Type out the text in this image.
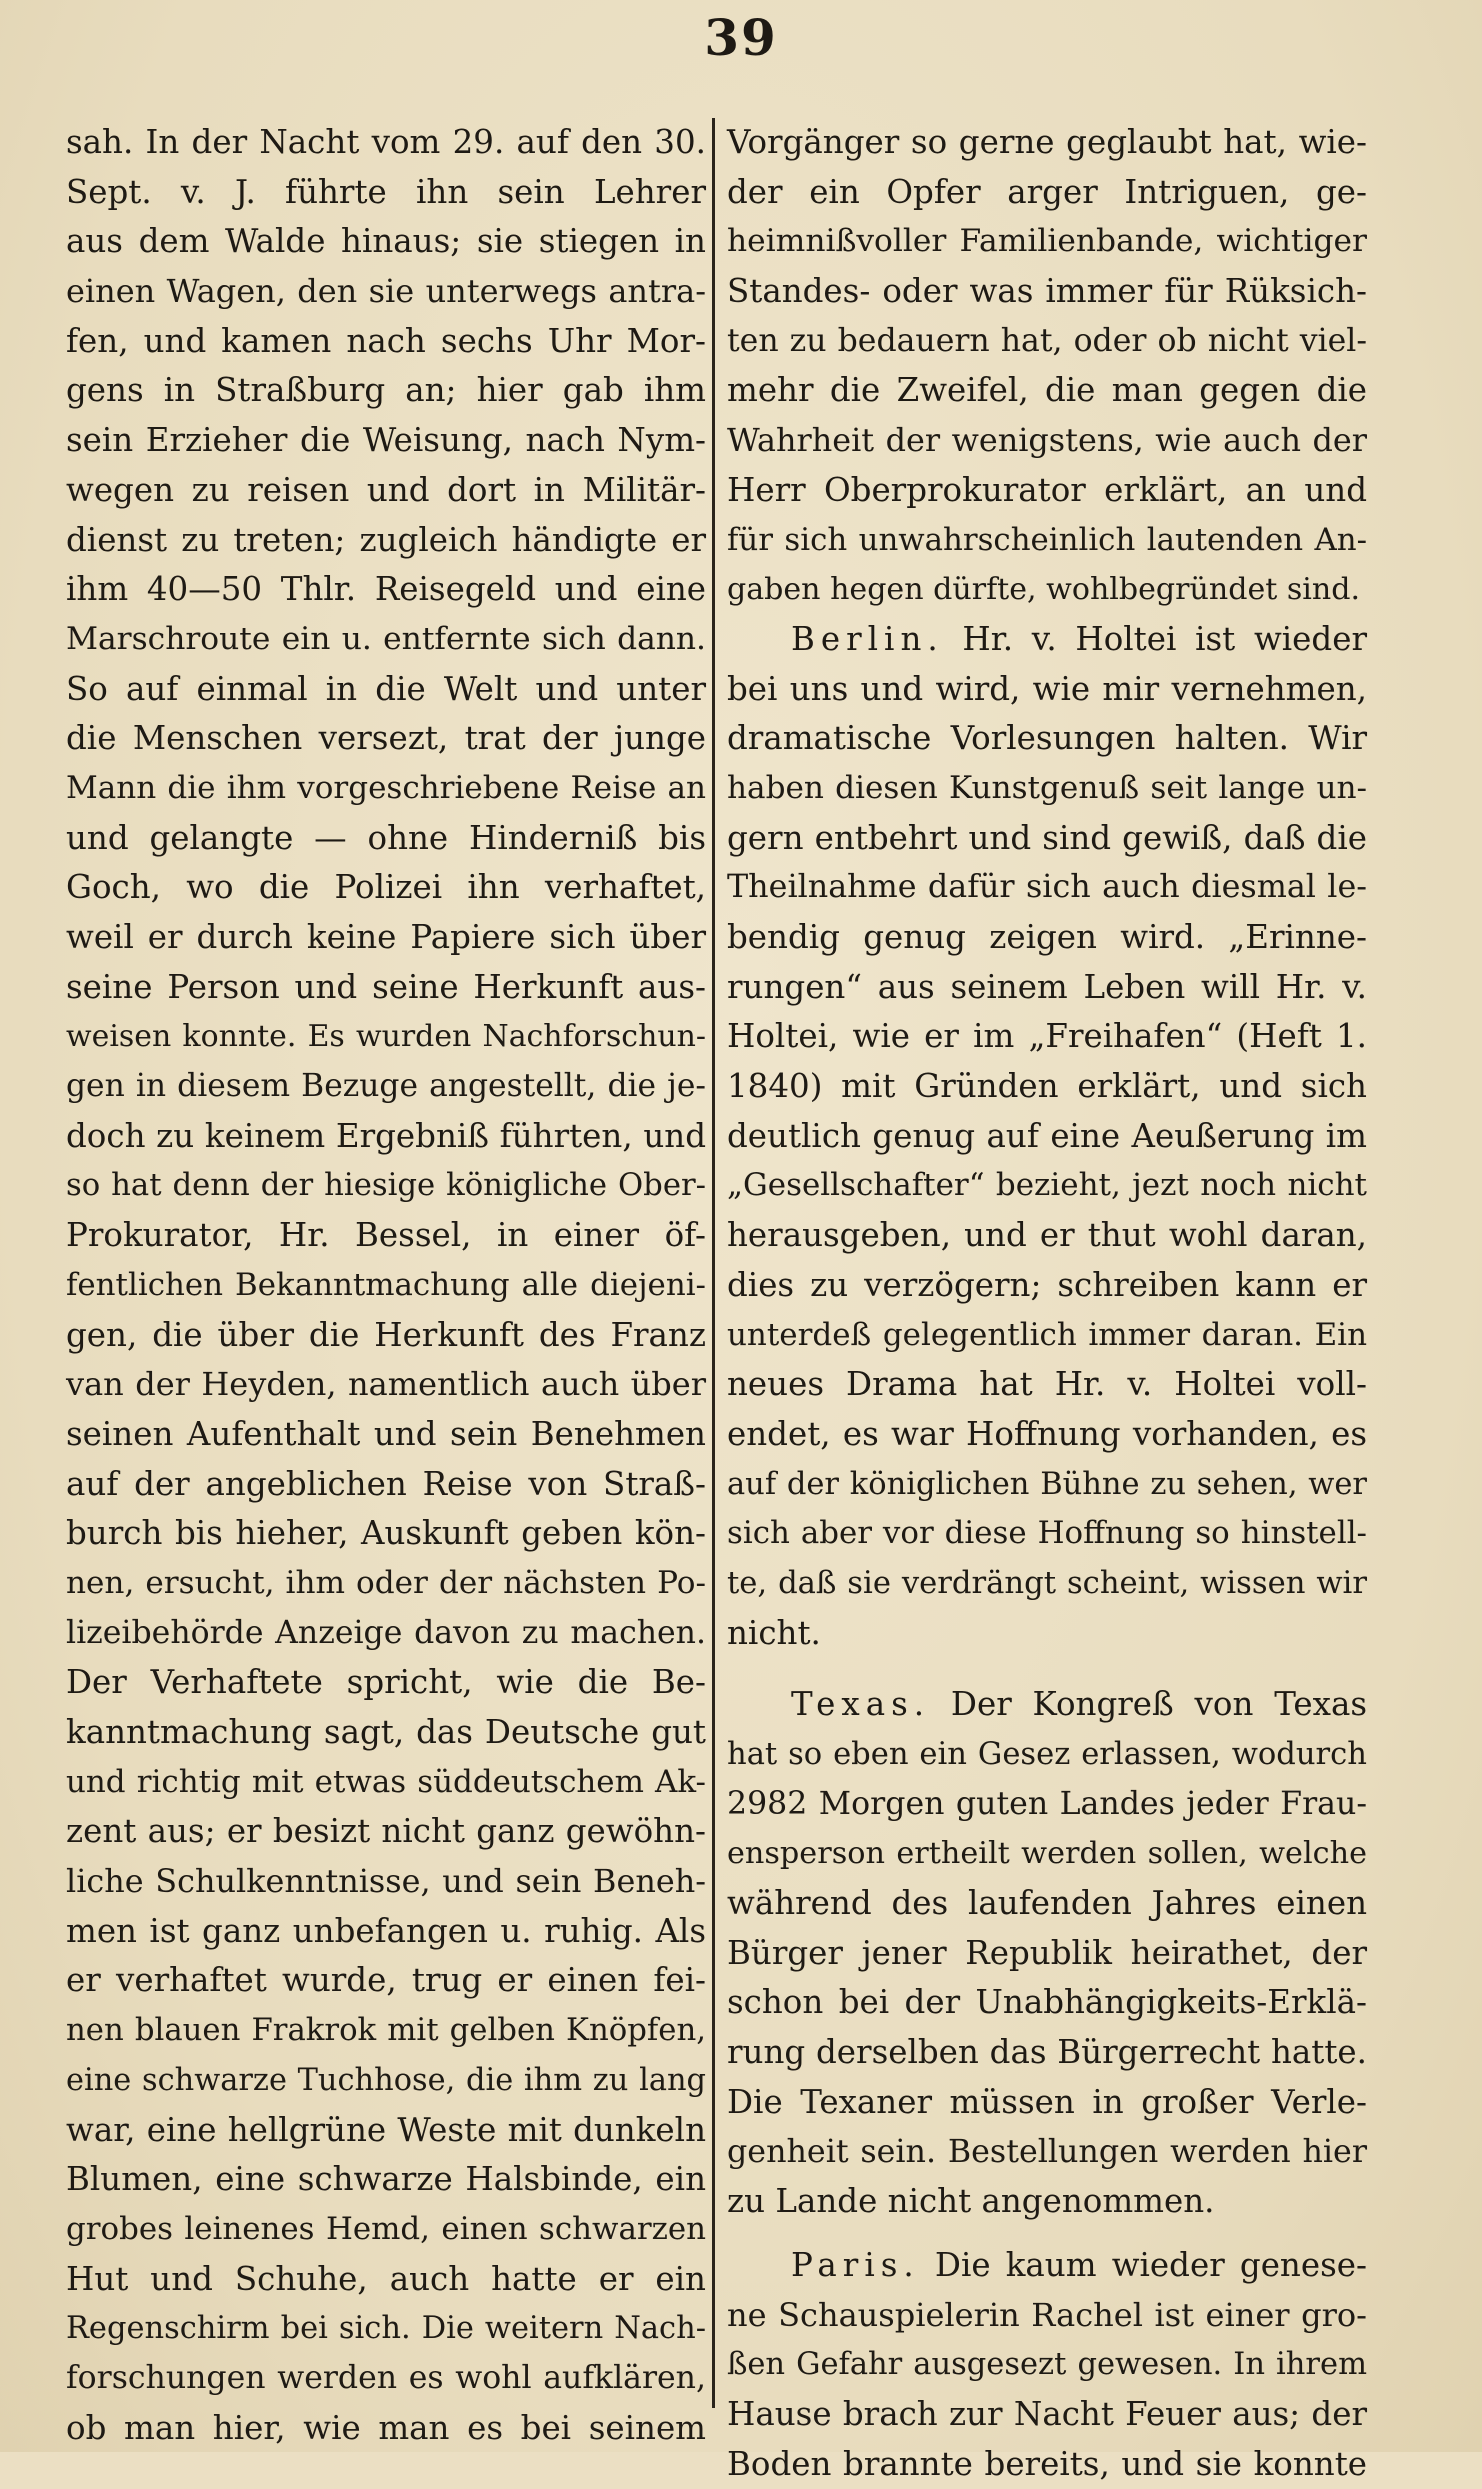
39
sah. In der Nacht vom 29. auf den 30.
Sept. v. J. führte ihn sein Lehrer
aus dem Walde hinaus; sie stiegen in
einen Wagen, den sie unterwegs antra-
fen, und kamen nach sechs Uhr Mor-
gens in Straßburg an; hier gab ihm
sein Erzieher die Weisung, nach Nym-
wegen zu reisen und dort in Militär-
dienst zu treten; zugleich händigte er
ihm 40—50 Thlr. Reisegeld und eine
Marschroute ein u. entfernte sich dann.
So auf einmal in die Welt und unter
die Menschen versezt, trat der junge
Mann die ihm vorgeschriebene Reise an
und gelangte — ohne Hinderniß bis
Goch, wo die Polizei ihn verhaftet,
weil er durch keine Papiere sich über
seine Person und seine Herkunft aus-
weisen konnte. Es wurden Nachforschun-
gen in diesem Bezuge angestellt, die je-
doch zu keinem Ergebniß führten, und
so hat denn der hiesige königliche Ober-
Prokurator, Hr. Bessel, in einer öf-
fentlichen Bekanntmachung alle diejeni-
gen, die über die Herkunft des Franz
van der Heyden, namentlich auch über
seinen Aufenthalt und sein Benehmen
auf der angeblichen Reise von Straß-
burch bis hieher, Auskunft geben kön-
nen, ersucht, ihm oder der nächsten Po-
lizeibehörde Anzeige davon zu machen.
Der Verhaftete spricht, wie die Be-
kanntmachung sagt, das Deutsche gut
und richtig mit etwas süddeutschem Ak-
zent aus; er besizt nicht ganz gewöhn-
liche Schulkenntnisse, und sein Beneh-
men ist ganz unbefangen u. ruhig. Als
er verhaftet wurde, trug er einen fei-
nen blauen Frakrok mit gelben Knöpfen,
eine schwarze Tuchhose, die ihm zu lang
war, eine hellgrüne Weste mit dunkeln
Blumen, eine schwarze Halsbinde, ein
grobes leinenes Hemd, einen schwarzen
Hut und Schuhe, auch hatte er ein
Regenschirm bei sich. Die weitern Nach-
forschungen werden es wohl aufklären,
ob man hier, wie man es bei seinem
Vorgänger so gerne geglaubt hat, wie-
der ein Opfer arger Intriguen, ge-
heimnißvoller Familienbande, wichtiger
Standes- oder was immer für Rüksich-
ten zu bedauern hat, oder ob nicht viel-
mehr die Zweifel, die man gegen die
Wahrheit der wenigstens, wie auch der
Herr Oberprokurator erklärt, an und
für sich unwahrscheinlich lautenden An-
gaben hegen dürfte, wohlbegründet sind.
Berlin. Hr. v. Holtei ist wieder
bei uns und wird, wie mir vernehmen,
dramatische Vorlesungen halten. Wir
haben diesen Kunstgenuß seit lange un-
gern entbehrt und sind gewiß, daß die
Theilnahme dafür sich auch diesmal le-
bendig genug zeigen wird. „Erinne-
rungen“ aus seinem Leben will Hr. v.
Holtei, wie er im „Freihafen“ (Heft 1.
1840) mit Gründen erklärt, und sich
deutlich genug auf eine Aeußerung im
„Gesellschafter“ bezieht, jezt noch nicht
herausgeben, und er thut wohl daran,
dies zu verzögern; schreiben kann er
unterdeß gelegentlich immer daran. Ein
neues Drama hat Hr. v. Holtei voll-
endet, es war Hoffnung vorhanden, es
auf der königlichen Bühne zu sehen, wer
sich aber vor diese Hoffnung so hinstell-
te, daß sie verdrängt scheint, wissen wir
nicht.
Texas. Der Kongreß von Texas
hat so eben ein Gesez erlassen, wodurch
2982 Morgen guten Landes jeder Frau-
ensperson ertheilt werden sollen, welche
während des laufenden Jahres einen
Bürger jener Republik heirathet, der
schon bei der Unabhängigkeits-Erklä-
rung derselben das Bürgerrecht hatte.
Die Texaner müssen in großer Verle-
genheit sein. Bestellungen werden hier
zu Lande nicht angenommen.
Paris. Die kaum wieder genese-
ne Schauspielerin Rachel ist einer gro-
ßen Gefahr ausgesezt gewesen. In ihrem
Hause brach zur Nacht Feuer aus; der
Boden brannte bereits, und sie konnte
